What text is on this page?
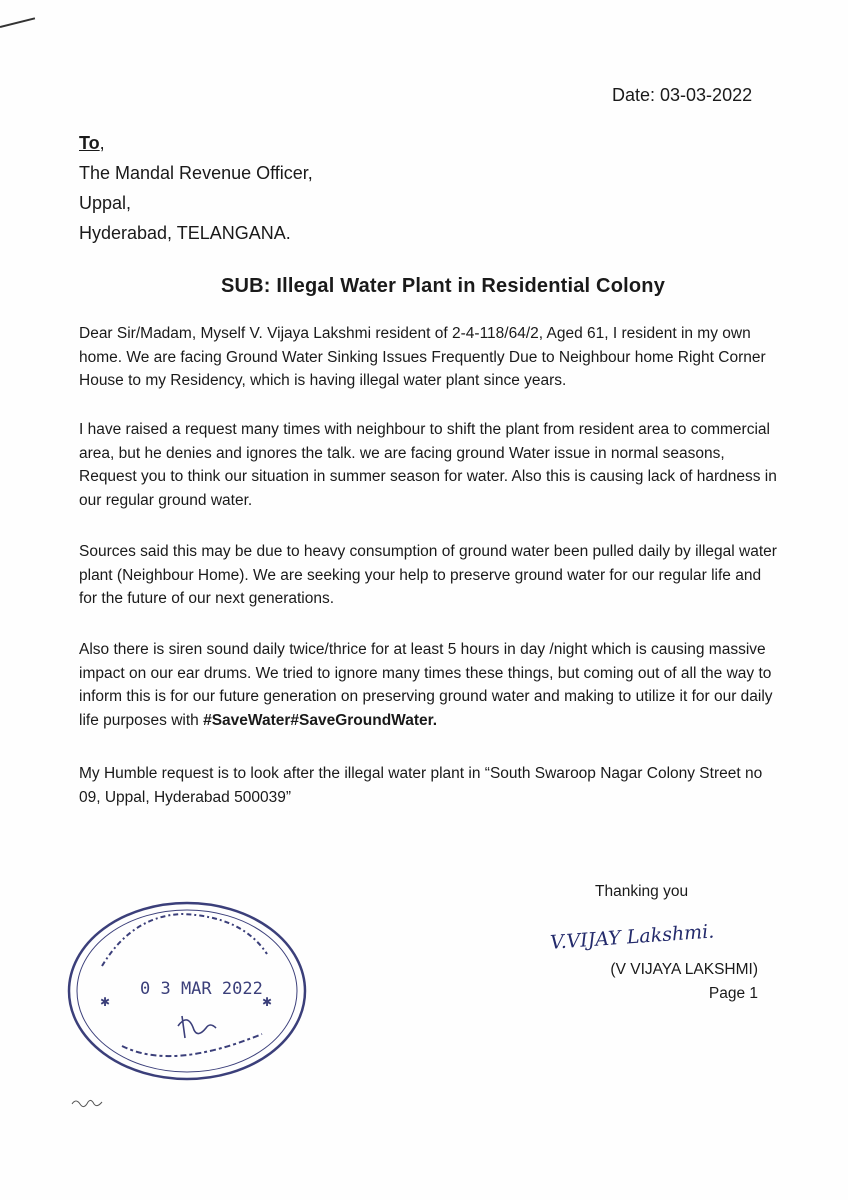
Date: 03-03-2022
To,
The Mandal Revenue Officer,
Uppal,
Hyderabad, TELANGANA.
SUB: Illegal Water Plant in Residential Colony

Dear Sir/Madam, Myself V. Vijaya Lakshmi resident of 2-4-118/64/2, Aged 61, I resident in my own home. We are facing Ground Water Sinking Issues Frequently Due to Neighbour home Right Corner House to my Residency, which is having illegal water plant since years.

I have raised a request many times with neighbour to shift the plant from resident area to commercial area, but he denies and ignores the talk. we are facing ground Water issue in normal seasons, Request you to think our situation in summer season for water. Also this is causing lack of hardness in our regular ground water.

Sources said this may be due to heavy consumption of ground water been pulled daily by illegal water plant (Neighbour Home). We are seeking your help to preserve ground water for our regular life and for the future of our next generations.

Also there is siren sound daily twice/thrice for at least 5 hours in day /night which is causing massive impact on our ear drums. We tried to ignore many times these things, but coming out of all the way to inform this is for our future generation on preserving ground water and making to utilize it for our daily life purposes with #SaveWater#SaveGroundWater.

My Humble request is to look after the illegal water plant in “South Swaroop Nagar Colony Street no 09, Uppal, Hyderabad 500039”

Thanking you
V.VIJAY Lakshmi.
(V VIJAYA LAKSHMI)
Page 1
✱	✱
0 3 MAR 2022
